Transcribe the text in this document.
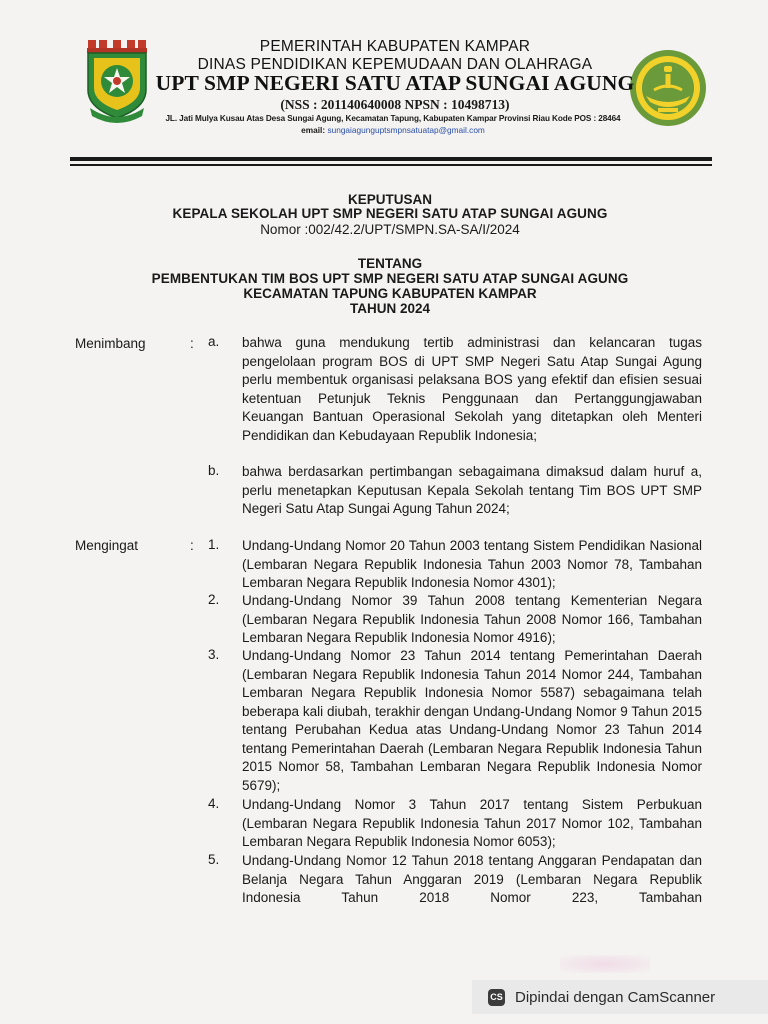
PEMERINTAH KABUPATEN KAMPAR
DINAS PENDIDIKAN KEPEMUDAAN DAN OLAHRAGA
UPT SMP NEGERI SATU ATAP SUNGAI AGUNG
(NSS : 201140640008 NPSN : 10498713)
JL. Jati Mulya Kusau Atas Desa Sungai Agung, Kecamatan Tapung, Kabupaten Kampar Provinsi Riau Kode POS : 28464
email: sungaiagunguptsmpnsatuatap@gmail.com
KEPUTUSAN
KEPALA SEKOLAH UPT SMP NEGERI SATU ATAP SUNGAI AGUNG
Nomor :002/42.2/UPT/SMPN.SA-SA/I/2024
TENTANG
PEMBENTUKAN TIM BOS UPT SMP NEGERI SATU ATAP SUNGAI AGUNG
KECAMATAN TAPUNG KABUPATEN KAMPAR
TAHUN 2024
Menimbang	: a. bahwa guna mendukung tertib administrasi dan kelancaran tugas pengelolaan program BOS di UPT SMP Negeri Satu Atap Sungai Agung perlu membentuk organisasi pelaksana BOS yang efektif dan efisien sesuai ketentuan Petunjuk Teknis Penggunaan dan Pertanggungjawaban Keuangan Bantuan Operasional Sekolah yang ditetapkan oleh Menteri Pendidikan dan Kebudayaan Republik Indonesia;
b. bahwa berdasarkan pertimbangan sebagaimana dimaksud dalam huruf a, perlu menetapkan Keputusan Kepala Sekolah tentang Tim BOS UPT SMP Negeri Satu Atap Sungai Agung Tahun 2024;
Mengingat	: 1. Undang-Undang Nomor 20 Tahun 2003 tentang Sistem Pendidikan Nasional (Lembaran Negara Republik Indonesia Tahun 2003 Nomor 78, Tambahan Lembaran Negara Republik Indonesia Nomor 4301);
2. Undang-Undang Nomor 39 Tahun 2008 tentang Kementerian Negara (Lembaran Negara Republik Indonesia Tahun 2008 Nomor 166, Tambahan Lembaran Negara Republik Indonesia Nomor 4916);
3. Undang-Undang Nomor 23 Tahun 2014 tentang Pemerintahan Daerah (Lembaran Negara Republik Indonesia Tahun 2014 Nomor 244, Tambahan Lembaran Negara Republik Indonesia Nomor 5587) sebagaimana telah beberapa kali diubah, terakhir dengan Undang-Undang Nomor 9 Tahun 2015 tentang Perubahan Kedua atas Undang-Undang Nomor 23 Tahun 2014 tentang Pemerintahan Daerah (Lembaran Negara Republik Indonesia Tahun 2015 Nomor 58, Tambahan Lembaran Negara Republik Indonesia Nomor 5679);
4. Undang-Undang Nomor 3 Tahun 2017 tentang Sistem Perbukuan (Lembaran Negara Republik Indonesia Tahun 2017 Nomor 102, Tambahan Lembaran Negara Republik Indonesia Nomor 6053);
5. Undang-Undang Nomor 12 Tahun 2018 tentang Anggaran Pendapatan dan Belanja Negara Tahun Anggaran 2019 (Lembaran Negara Republik Indonesia Tahun 2018 Nomor 223, Tambahan
CS Dipindai dengan CamScanner
